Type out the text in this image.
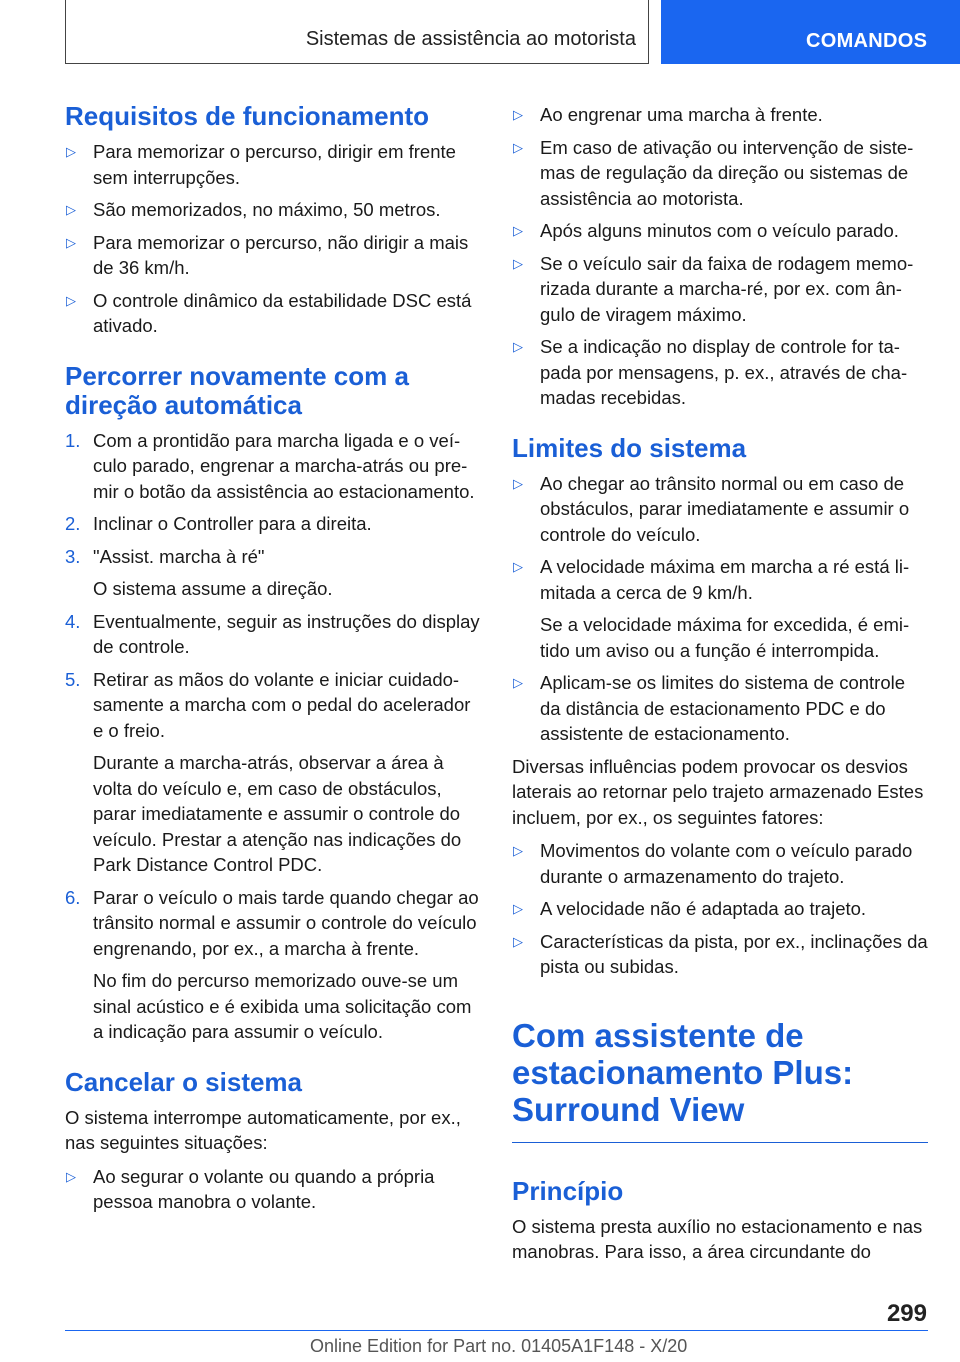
Sistemas de assistência ao motorista	COMANDOS
Requisitos de funcionamento
▷ Para memorizar o percurso, dirigir em frente sem interrupções.
▷ São memorizados, no máximo, 50 metros.
▷ Para memorizar o percurso, não dirigir a mais de 36 km/h.
▷ O controle dinâmico da estabilidade DSC está ativado.
Percorrer novamente com a direção automática
1. Com a prontidão para marcha ligada e o veículo parado, engrenar a marcha-atrás ou premir o botão da assistência ao estacionamento.
2. Inclinar o Controller para a direita.
3. "Assist. marcha à ré"
O sistema assume a direção.
4. Eventualmente, seguir as instruções do display de controle.
5. Retirar as mãos do volante e iniciar cuidadosamente a marcha com o pedal do acelerador e o freio.
Durante a marcha-atrás, observar a área à volta do veículo e, em caso de obstáculos, parar imediatamente e assumir o controle do veículo. Prestar a atenção nas indicações do Park Distance Control PDC.
6. Parar o veículo o mais tarde quando chegar ao trânsito normal e assumir o controle do veículo engrenando, por ex., a marcha à frente.
No fim do percurso memorizado ouve-se um sinal acústico e é exibida uma solicitação com a indicação para assumir o veículo.
Cancelar o sistema

O sistema interrompe automaticamente, por ex., nas seguintes situações:

▷ Ao segurar o volante ou quando a própria pessoa manobra o volante.
▷ Ao engrenar uma marcha à frente.
▷ Em caso de ativação ou intervenção de sistemas de regulação da direção ou sistemas de assistência ao motorista.
▷ Após alguns minutos com o veículo parado.
▷ Se o veículo sair da faixa de rodagem memorizada durante a marcha-ré, por ex. com ângulo de viragem máximo.
▷ Se a indicação no display de controle for tapada por mensagens, p. ex., através de chamadas recebidas.
Limites do sistema
▷ Ao chegar ao trânsito normal ou em caso de obstáculos, parar imediatamente e assumir o controle do veículo.
▷ A velocidade máxima em marcha a ré está limitada a cerca de 9 km/h.
Se a velocidade máxima for excedida, é emitido um aviso ou a função é interrompida.
▷ Aplicam-se os limites do sistema de controle da distância de estacionamento PDC e do assistente de estacionamento.

Diversas influências podem provocar os desvios laterais ao retornar pelo trajeto armazenado Estes incluem, por ex., os seguintes fatores:

▷ Movimentos do volante com o veículo parado durante o armazenamento do trajeto.
▷ A velocidade não é adaptada ao trajeto.
▷ Características da pista, por ex., inclinações da pista ou subidas.
Com assistente de estacionamento Plus: Surround View
Princípio

O sistema presta auxílio no estacionamento e nas manobras. Para isso, a área circundante do

299
Online Edition for Part no. 01405A1F148 - X/20
